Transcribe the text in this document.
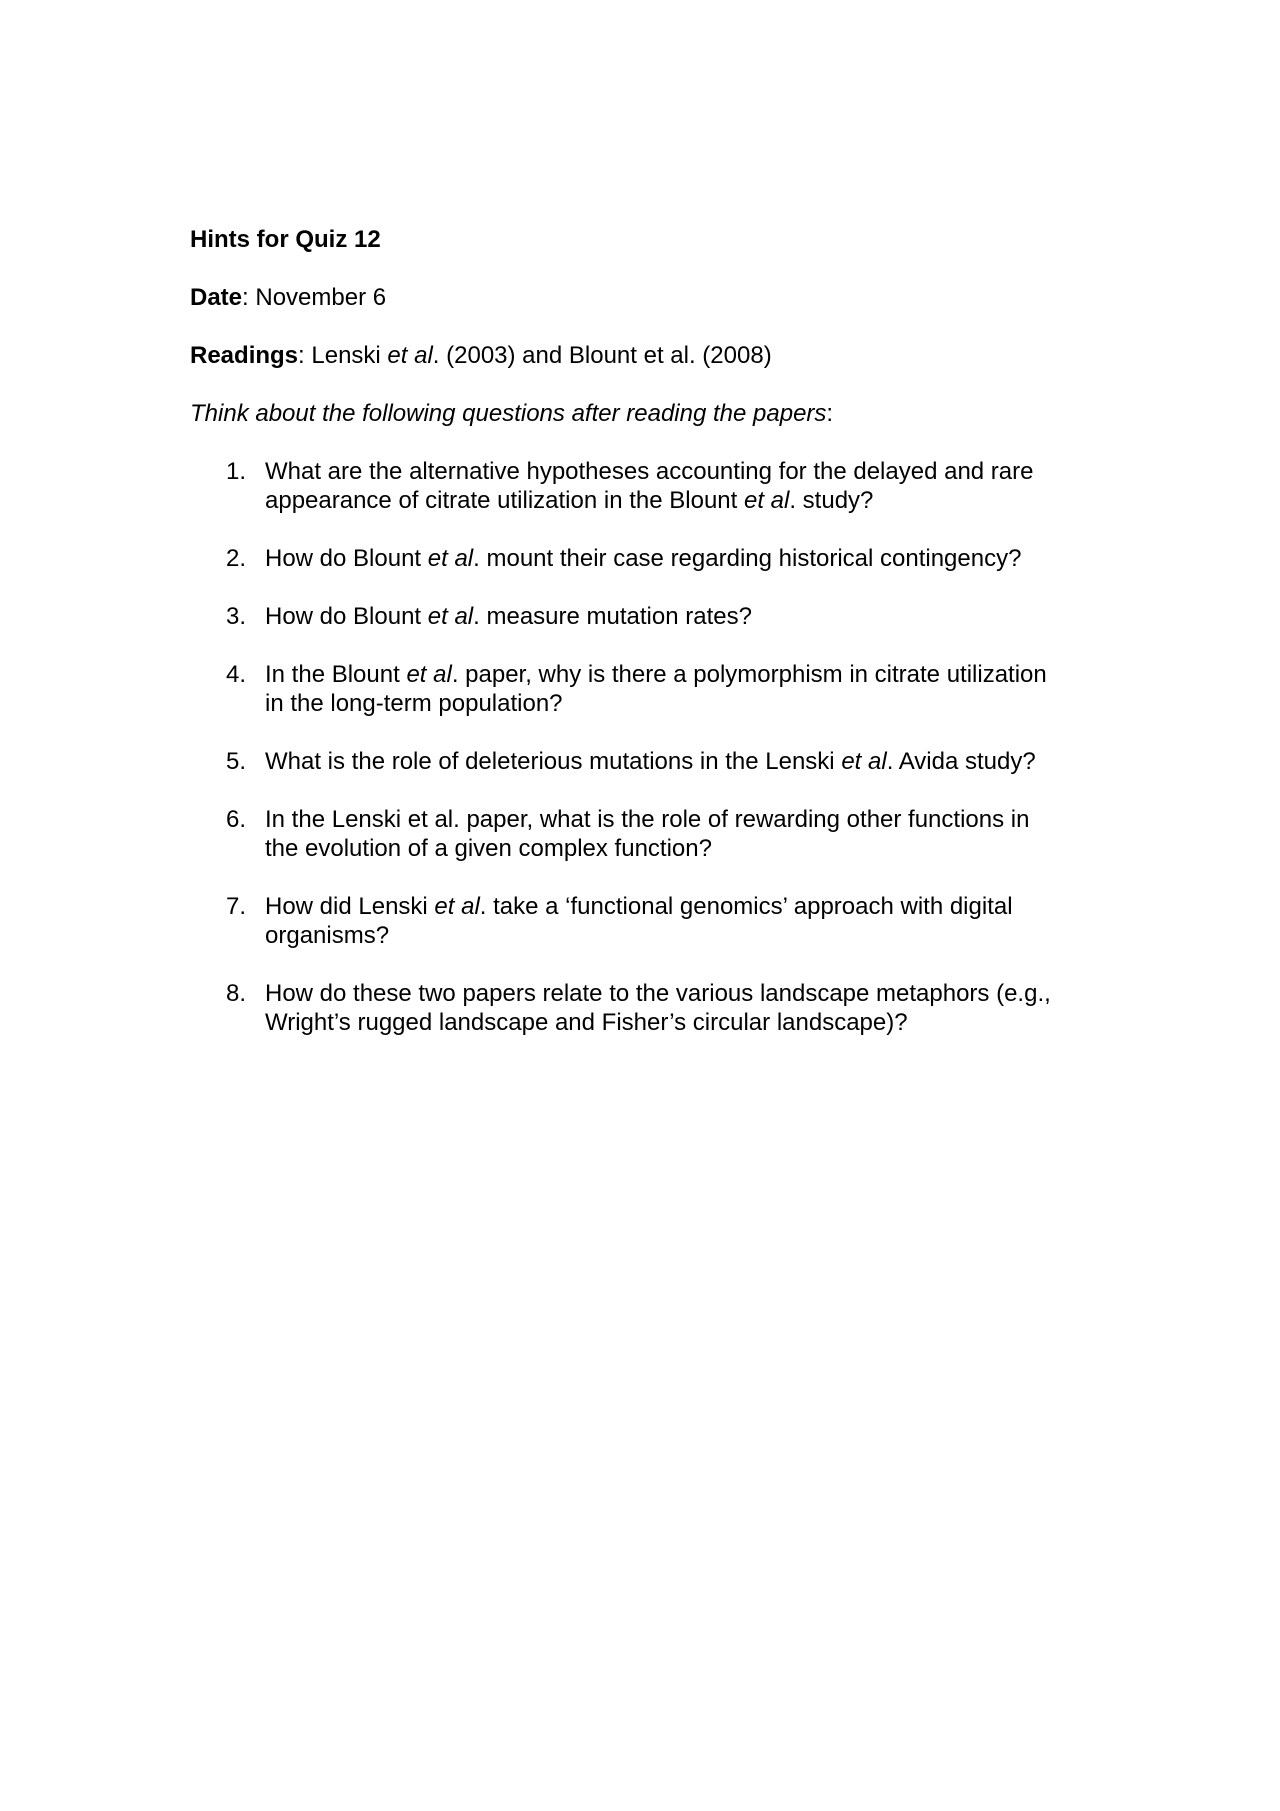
Hints for Quiz 12

Date: November 6

Readings: Lenski et al. (2003) and Blount et al. (2008)

Think about the following questions after reading the papers:

1. What are the alternative hypotheses accounting for the delayed and rare
appearance of citrate utilization in the Blount et al. study?
2. How do Blount et al. mount their case regarding historical contingency?
3. How do Blount et al. measure mutation rates?
4. In the Blount et al. paper, why is there a polymorphism in citrate utilization
in the long-term population?
5. What is the role of deleterious mutations in the Lenski et al. Avida study?
6. In the Lenski et al. paper, what is the role of rewarding other functions in
the evolution of a given complex function?
7. How did Lenski et al. take a ‘functional genomics’ approach with digital
organisms?
8. How do these two papers relate to the various landscape metaphors (e.g.,
Wright’s rugged landscape and Fisher’s circular landscape)?
